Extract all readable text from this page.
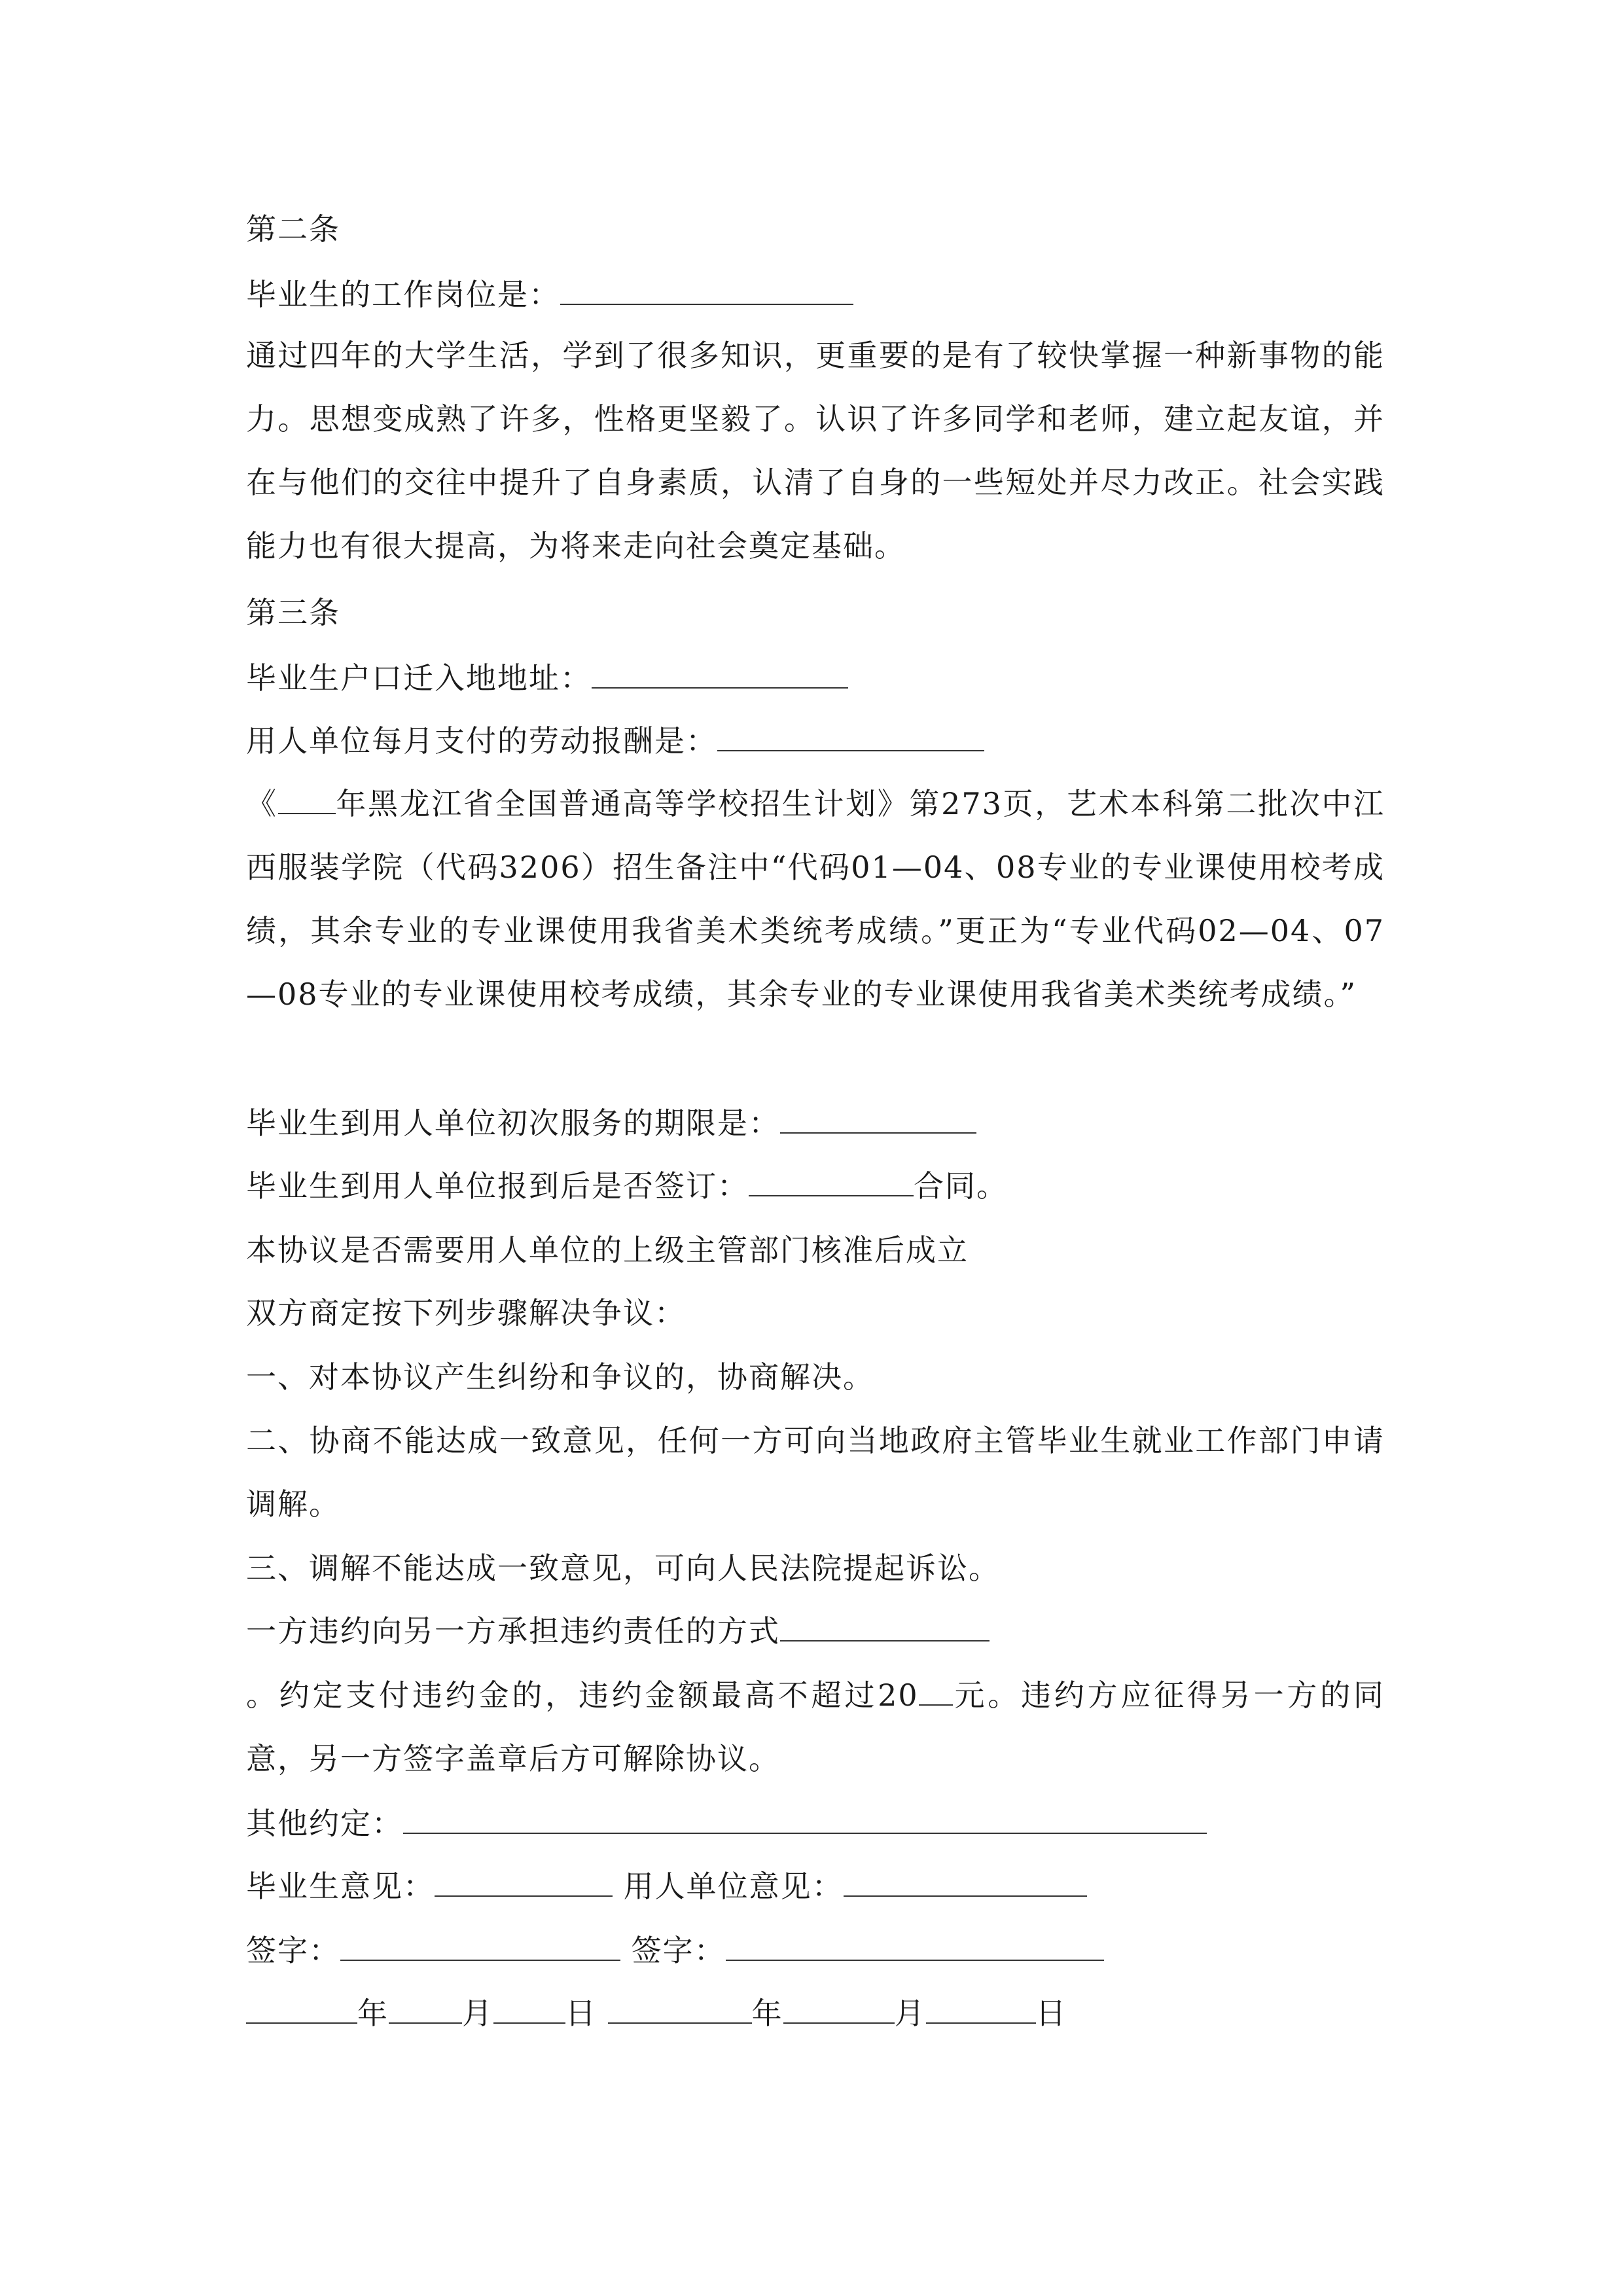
第二条
毕业生的工作岗位是：
通过四年的大学生活，学到了很多知识，更重要的是有了较快掌握一种新事物的能力。思想变成熟了许多，性格更坚毅了。认识了许多同学和老师，建立起友谊，并在与他们的交往中提升了自身素质，认清了自身的一些短处并尽力改正。社会实践能力也有很大提高，为将来走向社会奠定基础。
第三条
毕业生户口迁入地地址：
用人单位每月支付的劳动报酬是：
《 年黑龙江省全国普通高等学校招生计划》第273页，艺术本科第二批次中江西服装学院（代码3206）招生备注中“代码01—04、08专业的专业课使用校考成绩，其余专业的专业课使用我省美术类统考成绩。”更正为“专业代码02—04、07—08专业的专业课使用校考成绩，其余专业的专业课使用我省美术类统考成绩。”
毕业生到用人单位初次服务的期限是：
毕业生到用人单位报到后是否签订：	合同。
本协议是否需要用人单位的上级主管部门核准后成立
双方商定按下列步骤解决争议：
一、对本协议产生纠纷和争议的，协商解决。
二、协商不能达成一致意见，任何一方可向当地政府主管毕业生就业工作部门申请调解。
三、调解不能达成一致意见，可向人民法院提起诉讼。
一方违约向另一方承担违约责任的方式
。约定支付违约金的，违约金额最高不超过20 元。违约方应征得另一方的同意，另一方签字盖章后方可解除协议。
其他约定：
毕业生意见：	用人单位意见：
签字：	签字：
年 月 日	年	月	日
